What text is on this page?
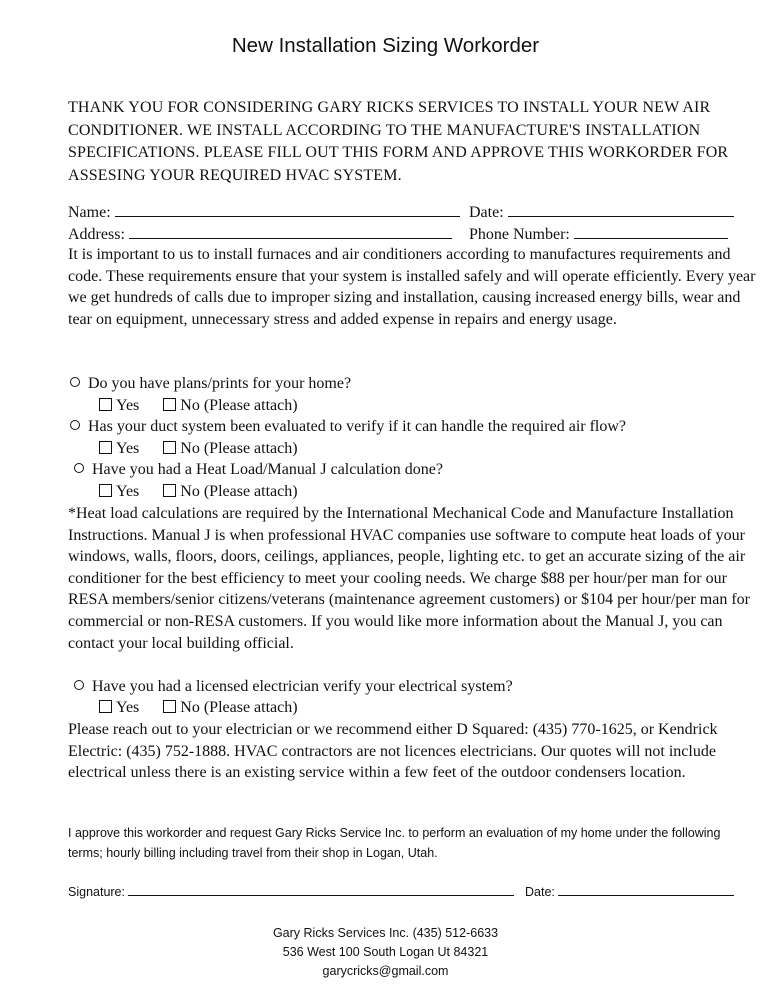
New Installation Sizing Workorder
THANK YOU FOR CONSIDERING GARY RICKS SERVICES TO INSTALL YOUR NEW AIR CONDITIONER. WE INSTALL ACCORDING TO THE MANUFACTURE'S INSTALLATION SPECIFICATIONS. PLEASE FILL OUT THIS FORM AND APPROVE THIS WORKORDER FOR ASSESING YOUR REQUIRED HVAC SYSTEM.
Name:	Date:
Address:	Phone Number:
It is important to us to install furnaces and air conditioners according to manufactures requirements and code. These requirements ensure that your system is installed safely and will operate efficiently. Every year we get hundreds of calls due to improper sizing and installation, causing increased energy bills, wear and tear on equipment, unnecessary stress and added expense in repairs and energy usage.
Do you have plans/prints for your home?
Yes	No (Please attach)
Has your duct system been evaluated to verify if it can handle the required air flow?
Yes	No (Please attach)
Have you had a Heat Load/Manual J calculation done?
Yes	No (Please attach)
*Heat load calculations are required by the International Mechanical Code and Manufacture Installation Instructions. Manual J is when professional HVAC companies use software to compute heat loads of your windows, walls, floors, doors, ceilings, appliances, people, lighting etc. to get an accurate sizing of the air conditioner for the best efficiency to meet your cooling needs. We charge $88 per hour/per man for our RESA members/senior citizens/veterans (maintenance agreement customers) or $104 per hour/per man for commercial or non-RESA customers. If you would like more information about the Manual J, you can contact your local building official.
Have you had a licensed electrician verify your electrical system?
Yes	No (Please attach)
Please reach out to your electrician or we recommend either D Squared: (435) 770-1625, or Kendrick Electric: (435) 752-1888. HVAC contractors are not licences electricians. Our quotes will not include electrical unless there is an existing service within a few feet of the outdoor condensers location.
I approve this workorder and request Gary Ricks Service Inc. to perform an evaluation of my home under the following terms; hourly billing including travel from their shop in Logan, Utah.
Signature:	Date:
Gary Ricks Services Inc. (435) 512-6633
536 West 100 South Logan Ut 84321
garycricks@gmail.com
